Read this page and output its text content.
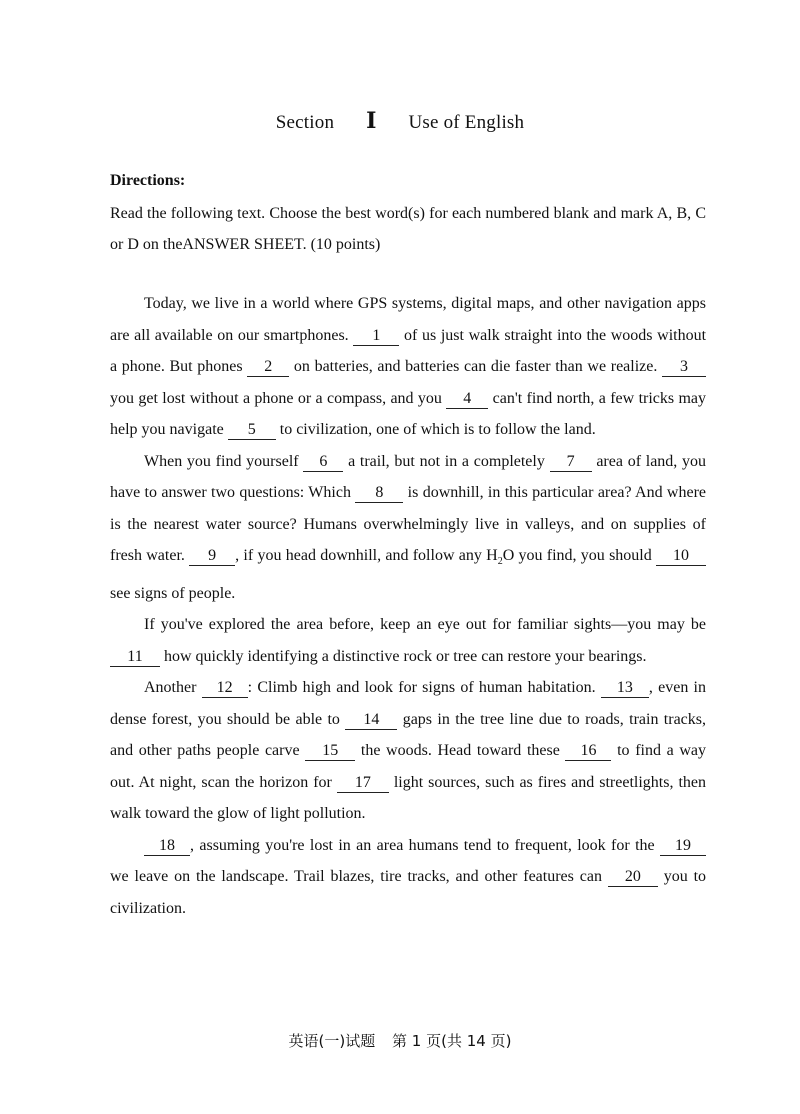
Section Ⅰ Use of English
Directions:
Read the following text. Choose the best word(s) for each numbered blank and mark A, B, C or D on theANSWER SHEET. (10 points)

Today, we live in a world where GPS systems, digital maps, and other navigation apps are all available on our smartphones. 1 of us just walk straight into the woods without a phone. But phones 2 on batteries, and batteries can die faster than we realize. 3 you get lost without a phone or a compass, and you 4 can't find north, a few tricks may help you navigate 5 to civilization, one of which is to follow the land.

When you find yourself 6 a trail, but not in a completely 7 area of land, you have to answer two questions: Which 8 is downhill, in this particular area? And where is the nearest water source? Humans overwhelmingly live in valleys, and on supplies of fresh water. 9 , if you head downhill, and follow any $H_2O$ you find, you should 10 see signs of people.

If you've explored the area before, keep an eye out for familiar sights—you may be 11 how quickly identifying a distinctive rock or tree can restore your bearings.

Another 12 : Climb high and look for signs of human habitation. 13 , even in dense forest, you should be able to 14 gaps in the tree line due to roads, train tracks, and other paths people carve 15 the woods. Head toward these 16 to find a way out. At night, scan the horizon for 17 light sources, such as fires and streetlights, then walk toward the glow of light pollution.

18 , assuming you're lost in an area humans tend to frequent, look for the 19 we leave on the landscape. Trail blazes, tire tracks, and other features can 20 you to civilization.

英语(一)试题 第 1 页(共 14 页)
